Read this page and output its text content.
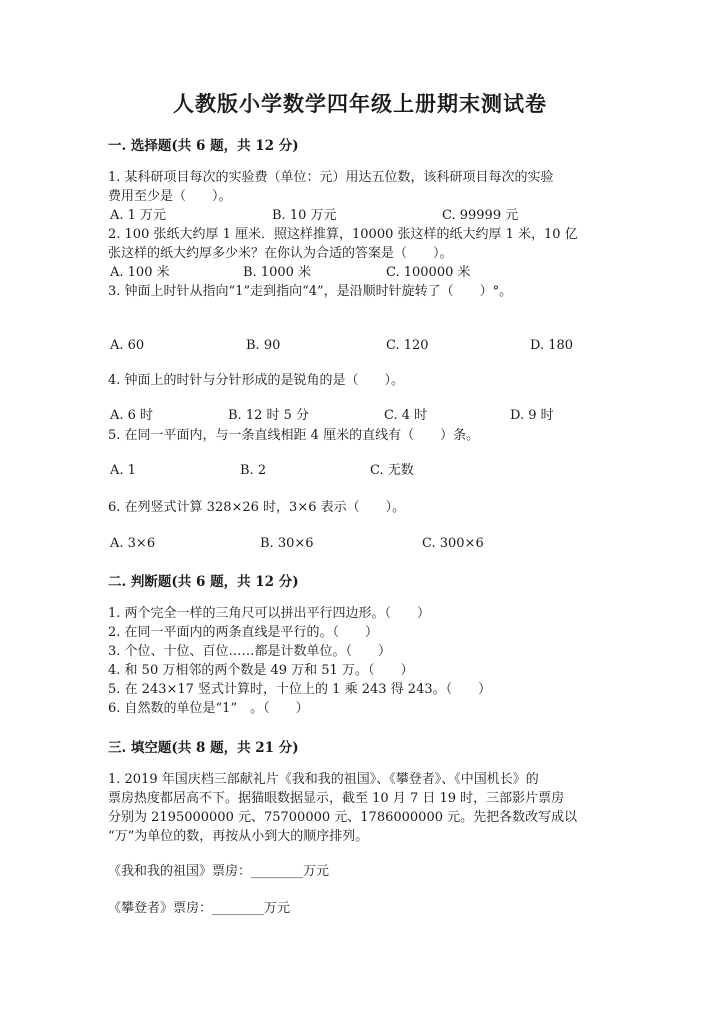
人教版小学数学四年级上册期末测试卷
一. 选择题(共 6 题，共 12 分)
1. 某科研项目每次的实验费（单位：元）用达五位数，该科研项目每次的实验
费用至少是（　　）。
A. 1 万元	B. 10 万元	C. 99999 元
2. 100 张纸大约厚 1 厘米．照这样推算，10000 张这样的纸大约厚 1 米，10 亿
张这样的纸大约厚多少米？在你认为合适的答案是（　　）。
A. 100 米	B. 1000 米	C. 100000 米
3. 钟面上时针从指向“1”走到指向“4”，是沿顺时针旋转了（　　）°。
A. 60	B. 90	C. 120	D. 180
4. 钟面上的时针与分针形成的是锐角的是（　　）。
A. 6 时	B. 12 时 5 分	C. 4 时	D. 9 时
5. 在同一平面内，与一条直线相距 4 厘米的直线有（　　）条。
A. 1	B. 2	C. 无数
6. 在列竖式计算 328×26 时，3×6 表示（　　）。
A. 3×6	B. 30×6	C. 300×6
二. 判断题(共 6 题，共 12 分)
1. 两个完全一样的三角尺可以拼出平行四边形。（　　）
2. 在同一平面内的两条直线是平行的。（　　）
3. 个位、十位、百位……都是计数单位。（　　）
4. 和 50 万相邻的两个数是 49 万和 51 万。（　　）
5. 在 243×17 竖式计算时，十位上的 1 乘 243 得 243。（　　）
6. 自然数的单位是“1”　。（　　）
三. 填空题(共 8 题，共 21 分)
1. 2019 年国庆档三部献礼片《我和我的祖国》、《攀登者》、《中国机长》的
票房热度都居高不下。据猫眼数据显示，截至 10 月 7 日 19 时，三部影片票房
分别为 2195000000 元、75700000 元、1786000000 元。先把各数改写成以
“万”为单位的数，再按从小到大的顺序排列。
《我和我的祖国》票房：________万元
《攀登者》票房：________万元
